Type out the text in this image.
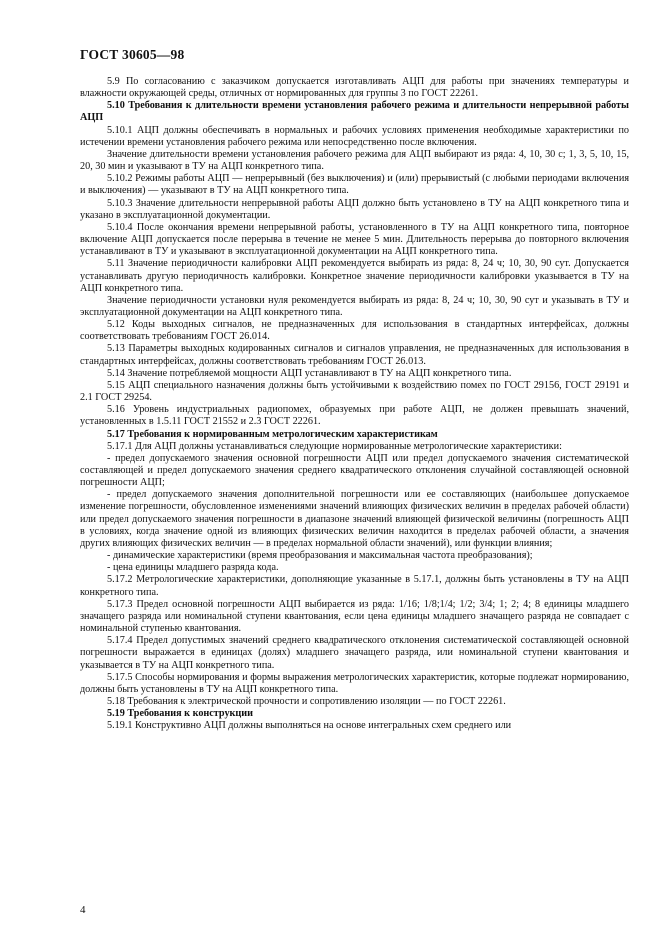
ГОСТ 30605—98

5.9 По согласованию с заказчиком допускается изготавливать АЦП для работы при значениях температуры и влажности окружающей среды, отличных от нормированных для группы 3 по ГОСТ 22261.

5.10 Требования к длительности времени установления рабочего режима и длительности непрерывной работы АЦП

5.10.1 АЦП должны обеспечивать в нормальных и рабочих условиях применения необходимые характеристики по истечении времени установления рабочего режима или непосредственно после включения.

Значение длительности времени установления рабочего режима для АЦП выбирают из ряда: 4, 10, 30 с; 1, 3, 5, 10, 15, 20, 30 мин и указывают в ТУ на АЦП конкретного типа.

5.10.2 Режимы работы АЦП — непрерывный (без выключения) и (или) прерывистый (с любыми периодами включения и выключения) — указывают в ТУ на АЦП конкретного типа.

5.10.3 Значение длительности непрерывной работы АЦП должно быть установлено в ТУ на АЦП конкретного типа и указано в эксплуатационной документации.

5.10.4 После окончания времени непрерывной работы, установленного в ТУ на АЦП конкретного типа, повторное включение АЦП допускается после перерыва в течение не менее 5 мин. Длительность перерыва до повторного включения устанавливают в ТУ и указывают в эксплуатационной документации на АЦП конкретного типа.

5.11 Значение периодичности калибровки АЦП рекомендуется выбирать из ряда: 8, 24 ч; 10, 30, 90 сут. Допускается устанавливать другую периодичность калибровки. Конкретное значение периодичности калибровки указывается в ТУ на АЦП конкретного типа.

Значение периодичности установки нуля рекомендуется выбирать из ряда: 8, 24 ч; 10, 30, 90 сут и указывать в ТУ и эксплуатационной документации на АЦП конкретного типа.

5.12 Коды выходных сигналов, не предназначенных для использования в стандартных интерфейсах, должны соответствовать требованиям ГОСТ 26.014.

5.13 Параметры выходных кодированных сигналов и сигналов управления, не предназначенных для использования в стандартных интерфейсах, должны соответствовать требованиям ГОСТ 26.013.

5.14 Значение потребляемой мощности АЦП устанавливают в ТУ на АЦП конкретного типа.

5.15 АЦП специального назначения должны быть устойчивыми к воздействию помех по ГОСТ 29156, ГОСТ 29191 и 2.1 ГОСТ 29254.

5.16 Уровень индустриальных радиопомех, образуемых при работе АЦП, не должен превышать значений, установленных в 1.5.11 ГОСТ 21552 и 2.3 ГОСТ 22261.

5.17 Требования к нормированным метрологическим характеристикам

5.17.1 Для АЦП должны устанавливаться следующие нормированные метрологические характеристики:

- предел допускаемого значения основной погрешности АЦП или предел допускаемого значения систематической составляющей и предел допускаемого значения среднего квадратического отклонения случайной составляющей основной погрешности АЦП;

- предел допускаемого значения дополнительной погрешности или ее составляющих (наибольшее допускаемое изменение погрешности, обусловленное изменениями значений влияющих физических величин в пределах рабочей области) или предел допускаемого значения погрешности в диапазоне значений влияющей физической величины (погрешность АЦП в условиях, когда значение одной из влияющих физических величин находится в пределах рабочей области, а значения других влияющих физических величин — в пределах нормальной области значений), или функции влияния;

- динамические характеристики (время преобразования и максимальная частота преобразования);

- цена единицы младшего разряда кода.

5.17.2 Метрологические характеристики, дополняющие указанные в 5.17.1, должны быть установлены в ТУ на АЦП конкретного типа.

5.17.3 Предел основной погрешности АЦП выбирается из ряда: 1/16; 1/8;1/4; 1/2; 3/4; 1; 2; 4; 8 единицы младшего значащего разряда или номинальной ступени квантования, если цена единицы младшего значащего разряда не совпадает с номинальной ступенью квантования.

5.17.4 Предел допустимых значений среднего квадратического отклонения систематической составляющей основной погрешности выражается в единицах (долях) младшего значащего разряда, или номинальной ступени квантования и указывается в ТУ на АЦП конкретного типа.

5.17.5 Способы нормирования и формы выражения метрологических характеристик, которые подлежат нормированию, должны быть установлены в ТУ на АЦП конкретного типа.

5.18 Требования к электрической прочности и сопротивлению изоляции — по ГОСТ 22261.

5.19 Требования к конструкции

5.19.1 Конструктивно АЦП должны выполняться на основе интегральных схем среднего или

4
